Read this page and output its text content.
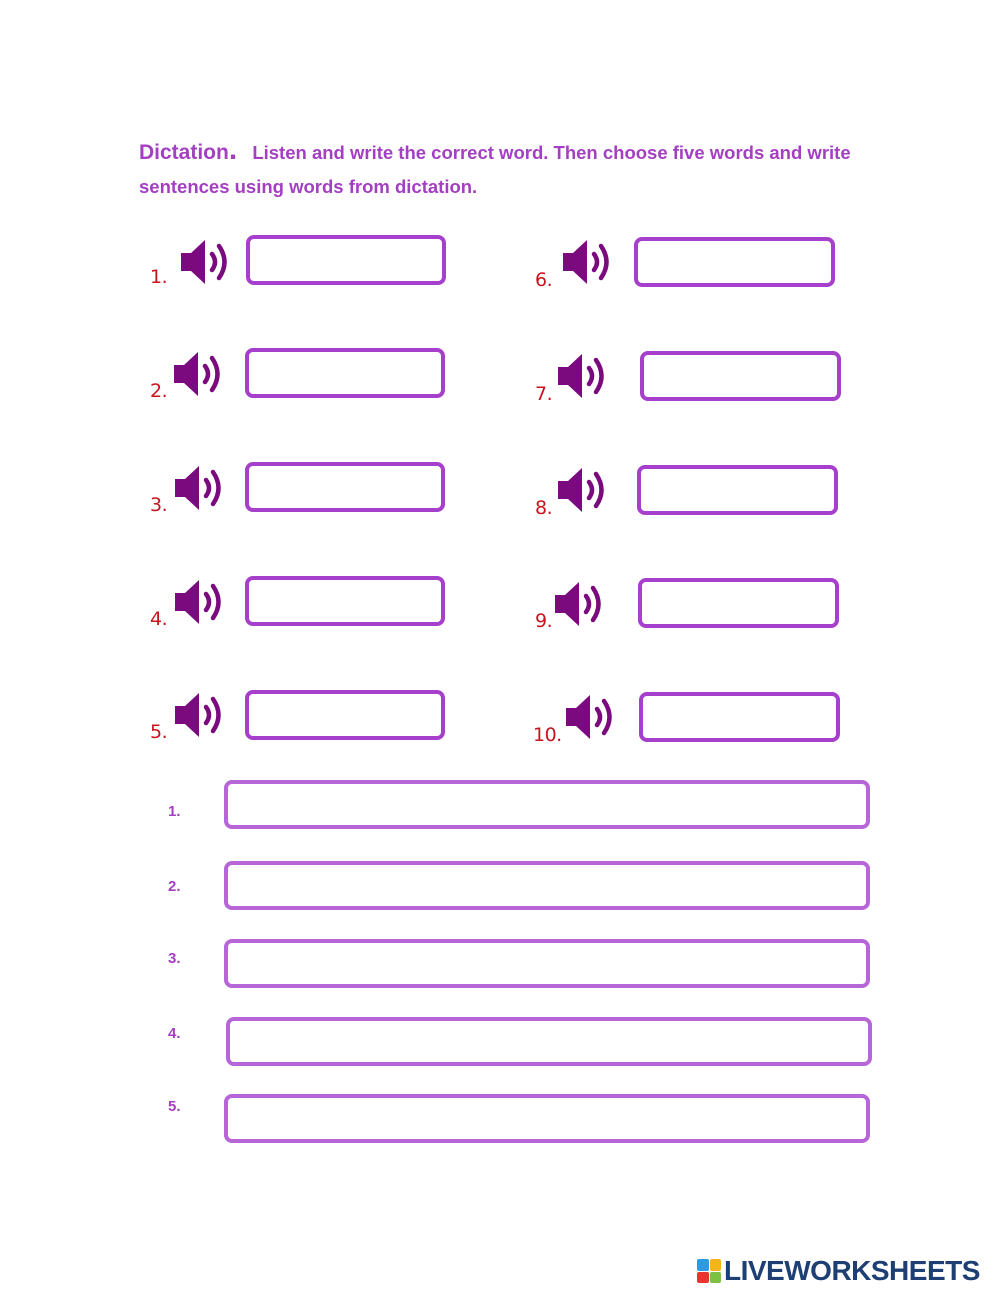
Dictation. Listen and write the correct word. Then choose five words and write sentences using words from dictation.
1.
2.
3.
4.
5.
6.
7.
8.
9.
10.
1.
2.
3.
4.
5.
LIVEWORKSHEETS
